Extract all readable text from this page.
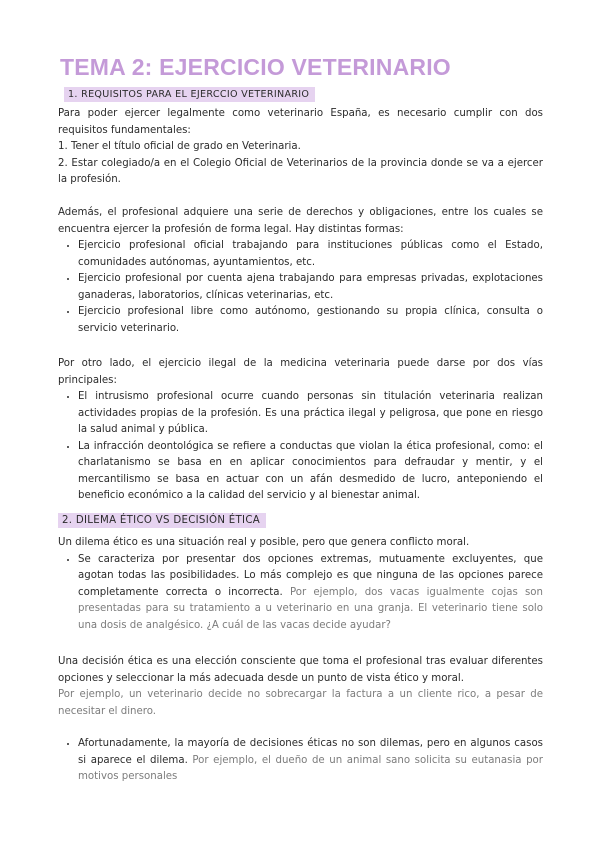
TEMA 2: EJERCICIO VETERINARIO
1. REQUISITOS PARA EL EJERCCIO VETERINARIO

Para poder ejercer legalmente como veterinario España, es necesario cumplir con dos requisitos fundamentales:

1. Tener el título oficial de grado en Veterinaria.

2. Estar colegiado/a en el Colegio Oficial de Veterinarios de la provincia donde se va a ejercer la profesión.

Además, el profesional adquiere una serie de derechos y obligaciones, entre los cuales se encuentra ejercer la profesión de forma legal. Hay distintas formas:

• Ejercicio profesional oficial trabajando para instituciones públicas como el Estado, comunidades autónomas, ayuntamientos, etc.
• Ejercicio profesional por cuenta ajena trabajando para empresas privadas, explotaciones ganaderas, laboratorios, clínicas veterinarias, etc.
• Ejercicio profesional libre como autónomo, gestionando su propia clínica, consulta o servicio veterinario.

Por otro lado, el ejercicio ilegal de la medicina veterinaria puede darse por dos vías principales:

• El intrusismo profesional ocurre cuando personas sin titulación veterinaria realizan actividades propias de la profesión. Es una práctica ilegal y peligrosa, que pone en riesgo la salud animal y pública.
• La infracción deontológica se refiere a conductas que violan la ética profesional, como: el charlatanismo se basa en en aplicar conocimientos para defraudar y mentir, y el mercantilismo se basa en actuar con un afán desmedido de lucro, anteponiendo el beneficio económico a la calidad del servicio y al bienestar animal.
2. DILEMA ÉTICO VS DECISIÓN ÉTICA

Un dilema ético es una situación real y posible, pero que genera conflicto moral.

• Se caracteriza por presentar dos opciones extremas, mutuamente excluyentes, que agotan todas las posibilidades. Lo más complejo es que ninguna de las opciones parece completamente correcta o incorrecta. Por ejemplo, dos vacas igualmente cojas son presentadas para su tratamiento a u veterinario en una granja. El veterinario tiene solo una dosis de analgésico. ¿A cuál de las vacas decide ayudar?

Una decisión ética es una elección consciente que toma el profesional tras evaluar diferentes opciones y seleccionar la más adecuada desde un punto de vista ético y moral.

Por ejemplo, un veterinario decide no sobrecargar la factura a un cliente rico, a pesar de necesitar el dinero.

• Afortunadamente, la mayoría de decisiones éticas no son dilemas, pero en algunos casos si aparece el dilema. Por ejemplo, el dueño de un animal sano solicita su eutanasia por motivos personales
